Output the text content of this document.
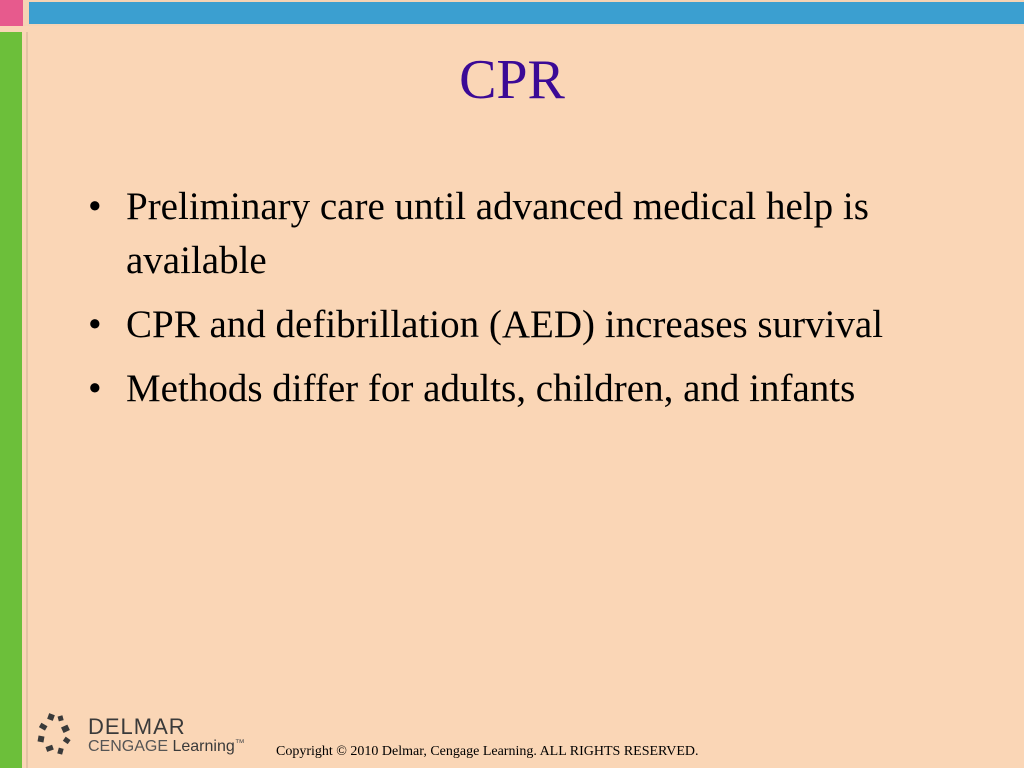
CPR
• Preliminary care until advanced medical help is available
• CPR and defibrillation (AED) increases survival
• Methods differ for adults, children, and infants
DELMAR
CENGAGE Learning™
Copyright © 2010 Delmar, Cengage Learning. ALL RIGHTS RESERVED.
